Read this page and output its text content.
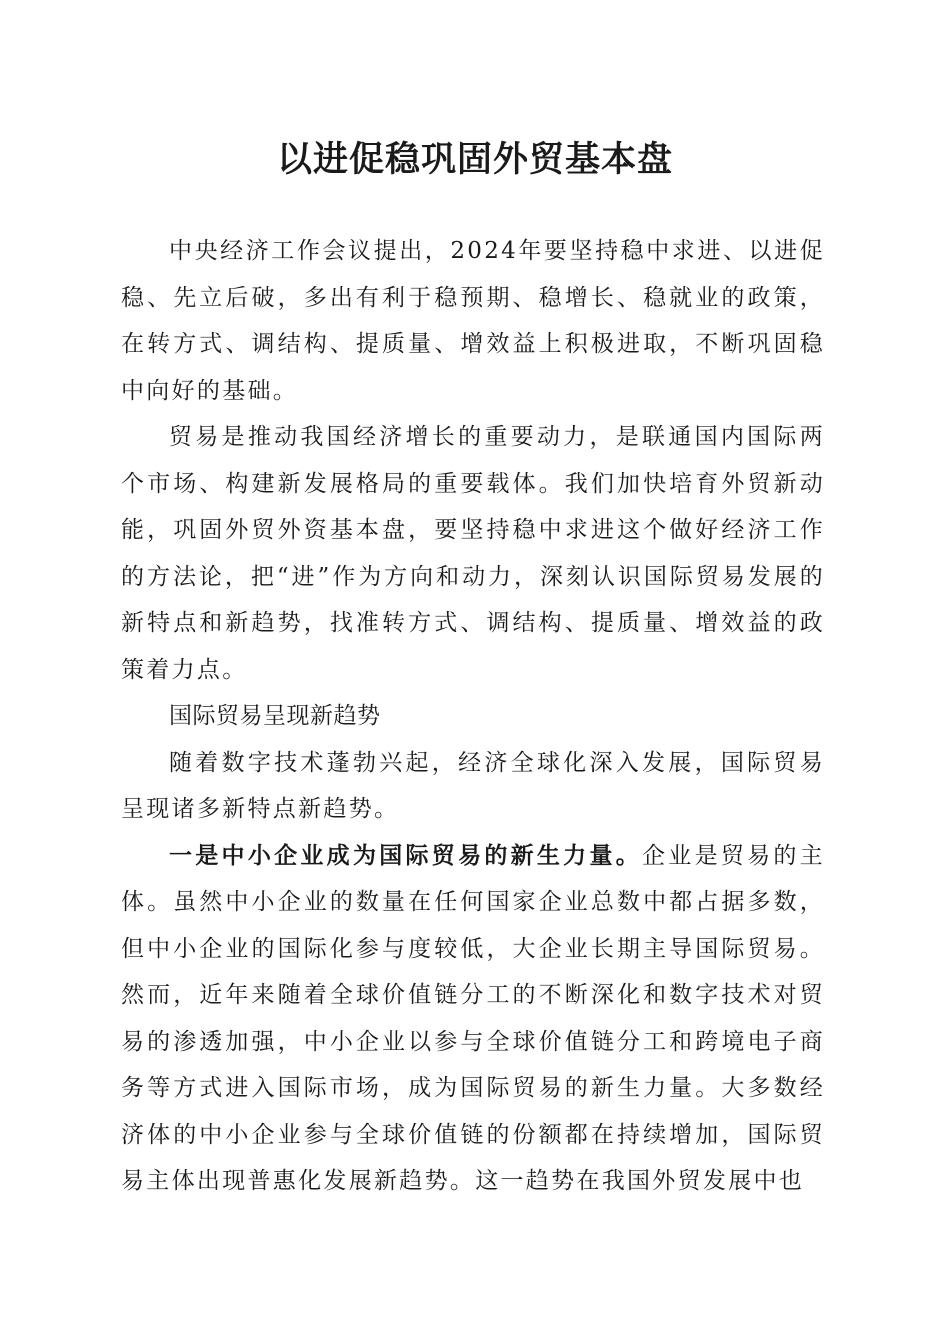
以进促稳巩固外贸基本盘

中央经济工作会议提出，2024年要坚持稳中求进、以进促稳、先立后破，多出有利于稳预期、稳增长、稳就业的政策，在转方式、调结构、提质量、增效益上积极进取，不断巩固稳中向好的基础。

贸易是推动我国经济增长的重要动力，是联通国内国际两个市场、构建新发展格局的重要载体。我们加快培育外贸新动能，巩固外贸外资基本盘，要坚持稳中求进这个做好经济工作的方法论，把“进”作为方向和动力，深刻认识国际贸易发展的新特点和新趋势，找准转方式、调结构、提质量、增效益的政策着力点。

国际贸易呈现新趋势

随着数字技术蓬勃兴起，经济全球化深入发展，国际贸易呈现诸多新特点新趋势。

一是中小企业成为国际贸易的新生力量。企业是贸易的主体。虽然中小企业的数量在任何国家企业总数中都占据多数，但中小企业的国际化参与度较低，大企业长期主导国际贸易。然而，近年来随着全球价值链分工的不断深化和数字技术对贸易的渗透加强，中小企业以参与全球价值链分工和跨境电子商务等方式进入国际市场，成为国际贸易的新生力量。大多数经济体的中小企业参与全球价值链的份额都在持续增加，国际贸易主体出现普惠化发展新趋势。这一趋势在我国外贸发展中也
